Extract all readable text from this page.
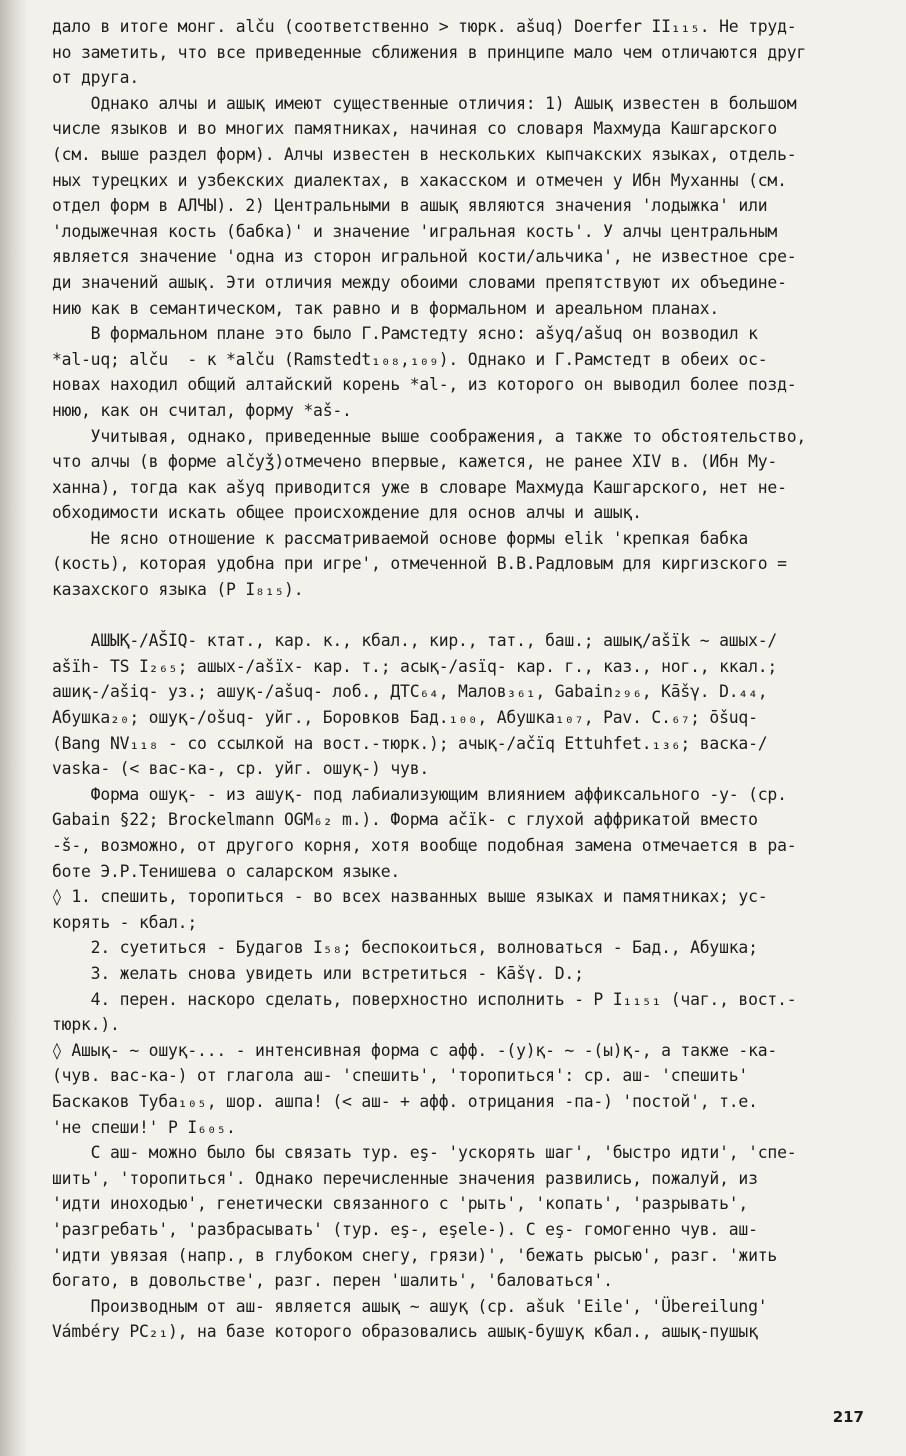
дало в итоге монг. alču (соответственно > тюрк. ašuq) Doerfer II₁₁₅. Не труд-
но заметить, что все приведенные сближения в принципе мало чем отличаются друг
от друга.
Однако алчы и ашық имеют существенные отличия: 1) Ашық известен в большом
числе языков и во многих памятниках, начиная со словаря Махмуда Кашгарского
(см. выше раздел форм). Алчы известен в нескольких кыпчакских языках, отдель-
ных турецких и узбекских диалектах, в хакасском и отмечен у Ибн Муханны (см.
отдел форм в АЛЧЫ). 2) Центральными в ашық являются значения 'лодыжка' или
'лодыжечная кость (бабка)' и значение 'игральная кость'. У алчы центральным
является значение 'одна из сторон игральной кости/альчика', не известное сре-
ди значений ашық. Эти отличия между обоими словами препятствуют их объедине-
нию как в семантическом, так равно и в формальном и ареальном планах.
В формальном плане это было Г.Рамстедту ясно: ašyq/ašuq он возводил к
*al-uq; alču  - к *alču (Ramstedt₁₀₈,₁₀₉). Однако и Г.Рамстедт в обеих ос-
новах находил общий алтайский корень *al-, из которого он выводил более позд-
нюю, как он считал, форму *aš-.
Учитывая, однако, приведенные выше соображения, а также то обстоятельство,
что алчы (в форме alčyǯ)отмечено впервые, кажется, не ранее XIV в. (Ибн Му-
ханна), тогда как ašyq приводится уже в словаре Махмуда Кашгарского, нет не-
обходимости искать общее происхождение для основ алчы и ашық.
Не ясно отношение к рассматриваемой основе формы elik 'крепкая бабка
(кость), которая удобна при игре', отмеченной В.В.Радловым для киргизского =
казахского языка (Р I₈₁₅).
АШЫҚ-/AŠIQ- ктат., кар. к., кбал., кир., тат., баш.; ашық/ašïk ~ ашых-/
ašïh- TS I₂₆₅; ашых-/ašïx- кар. т.; асық-/asïq- кар. г., каз., ног., ккал.;
ашиқ-/ašiq- уз.; ашуқ-/ašuq- лоб., ДТС₆₄, Малов₃₆₁, Gabain₂₉₆, Kāšγ. D.₄₄,
Абушка₂₀; ошуқ-/ošuq- уйг., Боровков Бад.₁₀₀, Абушка₁₀₇, Pav. C.₆₇; ōšuq-
(Bang NV₁₁₈ - со ссылкой на вост.-тюрк.); ачық-/ačïq Ettuhfet.₁₃₆; васка-/
vaska- (< вас-ка-, ср. уйг. ошуқ-) чув.
Форма ошуқ- - из ашуқ- под лабиализующим влиянием аффиксального -у- (ср.
Gabain §22; Brockelmann OGM₆₂ m.). Форма ačïk- с глухой аффрикатой вместо
-š-, возможно, от другого корня, хотя вообще подобная замена отмечается в ра-
боте Э.Р.Тенишева о саларском языке.
◊ 1. спешить, торопиться - во всех названных выше языках и памятниках; ус-
корять - кбал.;
2. суетиться - Будагов I₅₈; беспокоиться, волноваться - Бад., Абушка;
3. желать снова увидеть или встретиться - Kāšγ. D.;
4. перен. наскоро сделать, поверхностно исполнить - Р I₁₁₅₁ (чаг., вост.-
тюрк.).
◊ Ашық- ~ ошуқ-... - интенсивная форма с афф. -(у)қ- ~ -(ы)қ-, а также -ка-
(чув. вас-ка-) от глагола аш- 'спешить', 'торопиться': ср. аш- 'спешить'
Баскаков Туба₁₀₅, шор. ашпа! (< аш- + афф. отрицания -па-) 'постой', т.е.
'не спеши!' Р I₆₀₅.
С аш- можно было бы связать тур. eş- 'ускорять шаг', 'быстро идти', 'спе-
шить', 'торопиться'. Однако перечисленные значения развились, пожалуй, из
'идти иноходью', генетически связанного с 'рыть', 'копать', 'разрывать',
'разгребать', 'разбрасывать' (тур. eş-, eşele-). С eş- гомогенно чув. аш-
'идти увязая (напр., в глубоком снегу, грязи)', 'бежать рысью', разг. 'жить
богато, в довольстве', разг. перен 'шалить', 'баловаться'.
Производным от аш- является ашық ~ ашуқ (ср. ašuk 'Eile', 'Übereilung'
Vámbéry PC₂₁), на базе которого образовались ашық-бушуқ кбал., ашық-пушық
217
